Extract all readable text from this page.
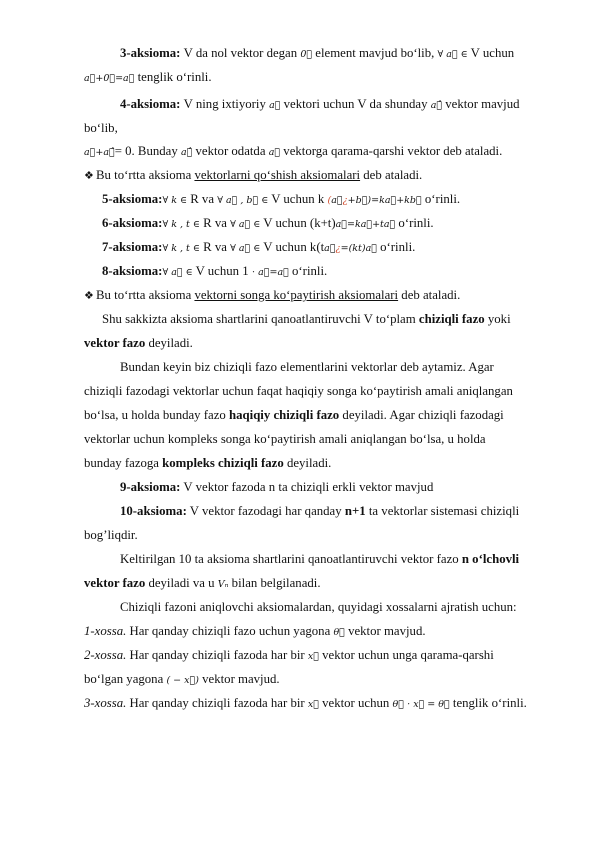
3-aksioma: V da nol vektor degan 0⃗ element mavjud bo‘lib, ∀ a⃗ ∈ V uchun
a⃗+0⃗=a⃗ tenglik o‘rinli.
4-aksioma: V ning ixtiyoriy a⃗ vektori uchun V da shunday a⃗̂ vektor mavjud
bo‘lib,
a⃗+a⃗̂= 0. Bunday a⃗̂ vektor odatda a⃗ vektorga qarama-qarshi vektor deb ataladi.
❖ Bu to‘rtta aksioma vektorlarni qo‘shish aksiomalari deb ataladi.
5-aksioma:∀ k ∈ R va ∀ a⃗ , b⃗ ∈ V uchun k (a⃗¿+b⃗)=ka⃗+kb⃗ o‘rinli.
6-aksioma:∀ k , t ∈ R va ∀ a⃗ ∈ V uchun (k+t)a⃗=ka⃗+ta⃗ o‘rinli.
7-aksioma:∀ k , t ∈ R va ∀ a⃗ ∈ V uchun k(ta⃗¿=(kt)a⃗ o‘rinli.
8-aksioma:∀ a⃗ ∈ V uchun 1 ⋅ a⃗=a⃗ o‘rinli.
❖ Bu to‘rtta aksioma vektorni songa ko‘paytirish aksiomalari deb ataladi.
Shu sakkizta aksioma shartlarini qanoatlantiruvchi V to‘plam chiziqli fazo yoki
vektor fazo deyiladi.
Bundan keyin biz chiziqli fazo elementlarini vektorlar deb aytamiz. Agar
chiziqli fazodagi vektorlar uchun faqat haqiqiy songa ko‘paytirish amali aniqlangan
bo‘lsa, u holda bunday fazo haqiqiy chiziqli fazo deyiladi. Agar chiziqli fazodagi
vektorlar uchun kompleks songa ko‘paytirish amali aniqlangan bo‘lsa, u holda
bunday fazoga kompleks chiziqli fazo deyiladi.
9-aksioma: V vektor fazoda n ta chiziqli erkli vektor mavjud
10-aksioma: V vektor fazodagi har qanday n+1 ta vektorlar sistemasi chiziqli
bog’liqdir.
Keltirilgan 10 ta aksioma shartlarini qanoatlantiruvchi vektor fazo n o‘lchovli
vektor fazo deyiladi va u Vₙ bilan belgilanadi.
Chiziqli fazoni aniqlovchi aksiomalardan, quyidagi xossalarni ajratish uchun:
1-xossa. Har qanday chiziqli fazo uchun yagona θ⃗ vektor mavjud.
2-xossa. Har qanday chiziqli fazoda har bir x⃗ vektor uchun unga qarama-qarshi
bo‘lgan yagona ( − x⃗) vektor mavjud.
3-xossa. Har qanday chiziqli fazoda har bir x⃗ vektor uchun θ⃗ ⋅ x⃗ = θ⃗ tenglik o‘rinli.
